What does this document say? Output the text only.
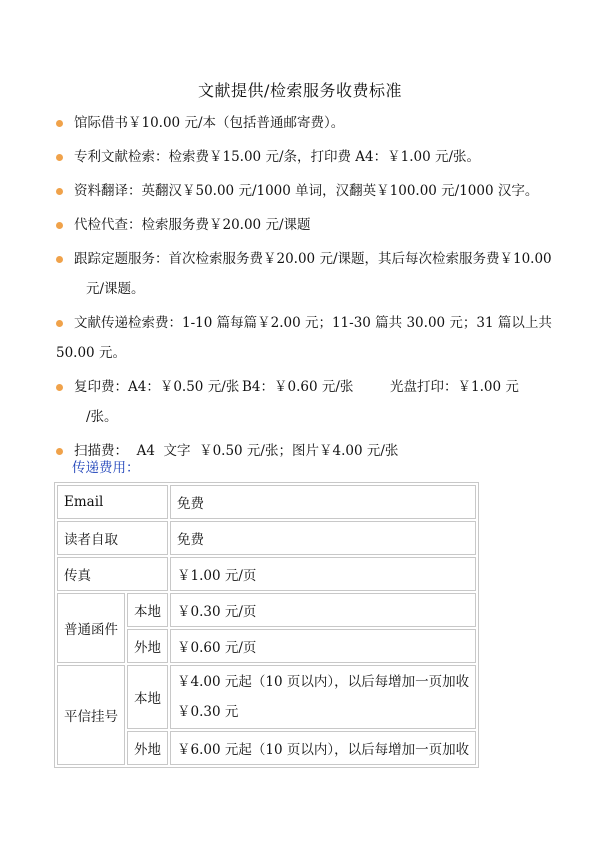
文献提供/检索服务收费标准
馆际借书￥10.00 元/本（包括普通邮寄费）。
专利文献检索：检索费￥15.00 元/条，打印费 A4：￥1.00 元/张。
资料翻译：英翻汉￥50.00 元/1000 单词，汉翻英￥100.00 元/1000 汉字。
代检代查：检索服务费￥20.00 元/课题
跟踪定题服务：首次检索服务费￥20.00 元/课题，其后每次检索服务费￥10.00
元/课题。
文献传递检索费：1-10 篇每篇￥2.00 元；11-30 篇共 30.00 元；31 篇以上共
50.00 元。
复印费：A4：￥0.50 元/张 B4：￥0.60 元/张	光盘打印：￥1.00 元
/张。
扫描费：  A4  文字  ￥0.50 元/张；图片￥4.00 元/张
传递费用：
Email		免费
读者自取		免费
传真		￥1.00 元/页
普通函件	本地	￥0.30 元/页
	外地	￥0.60 元/页
平信挂号	本地	￥4.00 元起（10 页以内），以后每增加一页加收 ￥0.30 元
	外地	￥6.00 元起（10 页以内），以后每增加一页加收
